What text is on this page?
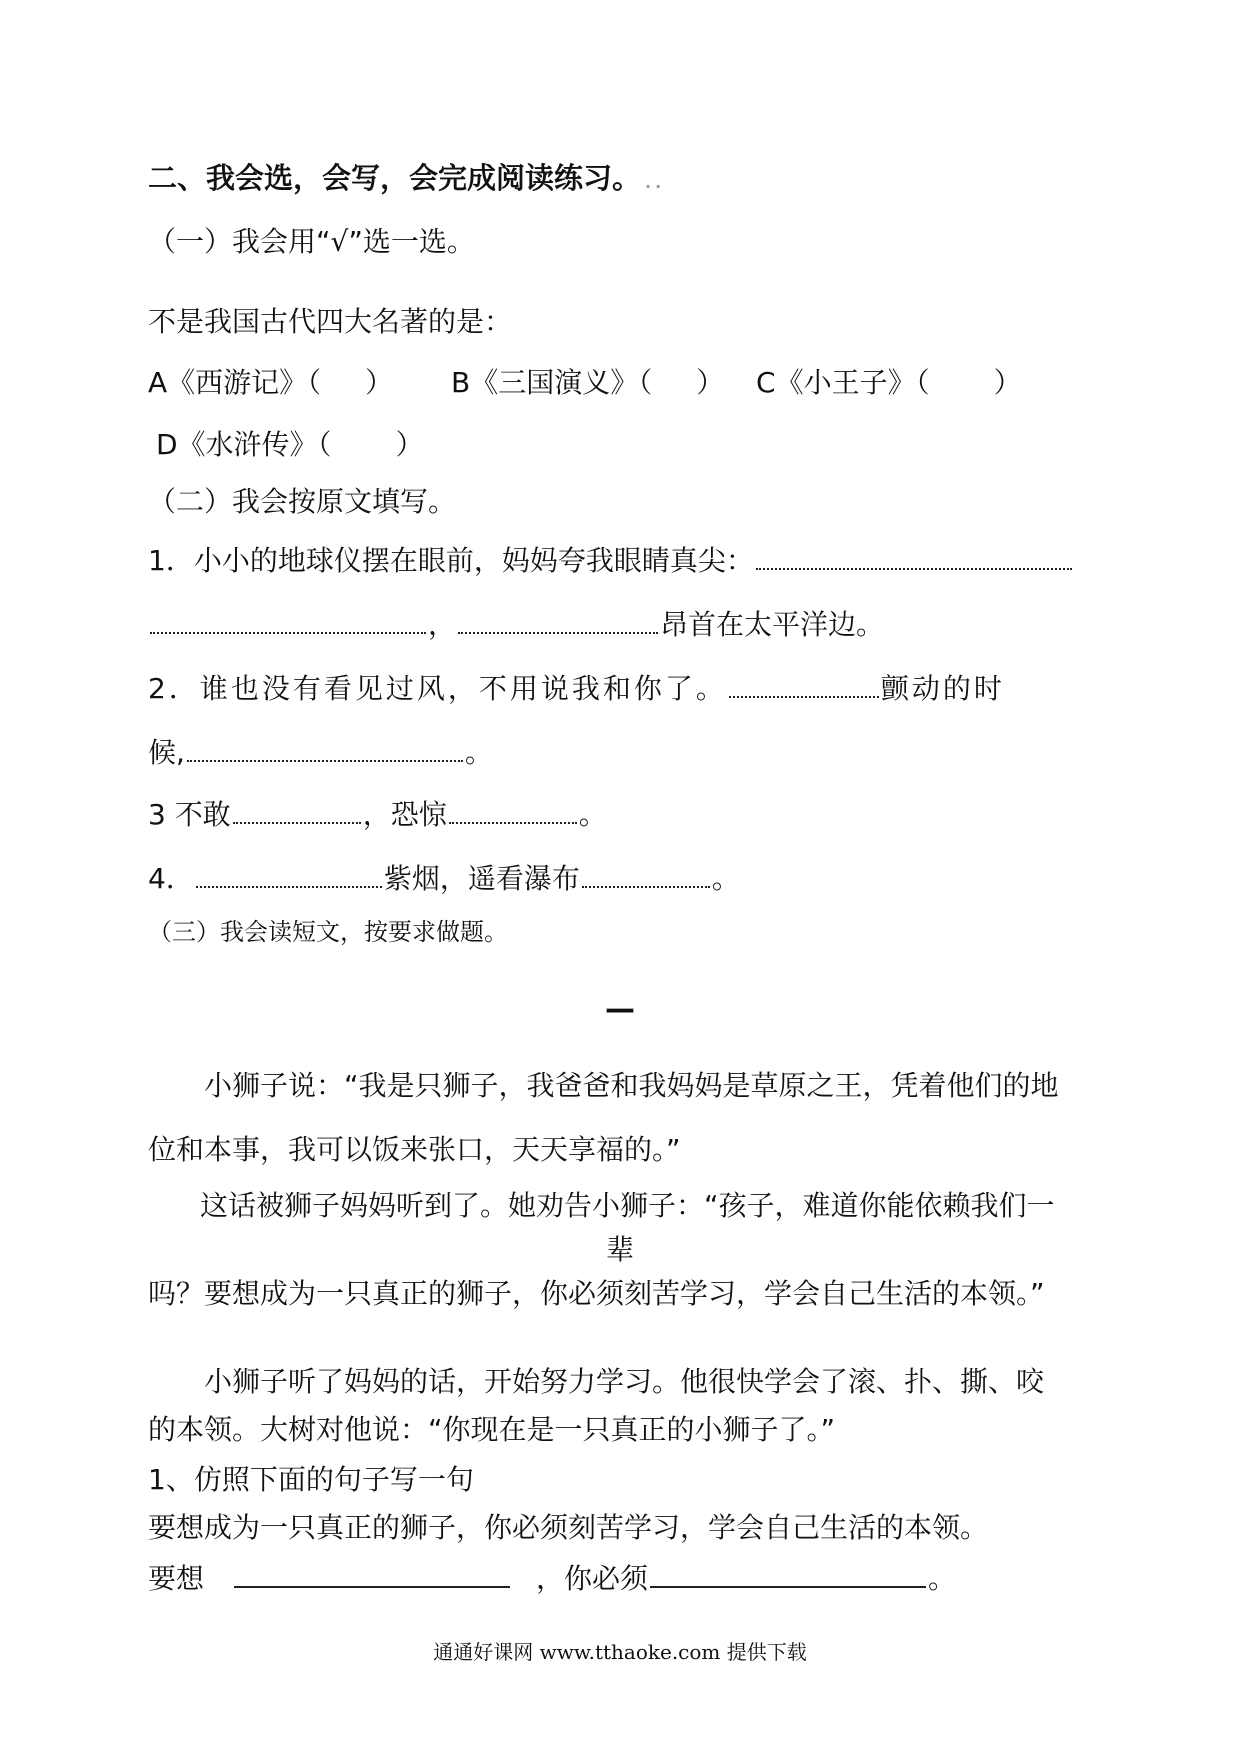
二、我会选，会写，会完成阅读练习。 ..
（一）我会用“√”选一选。
不是我国古代四大名著的是：
A《西游记》（ ） B《三国演义》（ ） C《小王子》（ ）
D《水浒传》（ ）
（二）我会按原文填写。
1．小小的地球仪摆在眼前，妈妈夸我眼睛真尖：
，	昂首在太平洋边。
2．谁也没有看见过风，不用说我和你了。	颤动的时
候,	。
3 不敢	，恐惊	。
4．	紫烟，遥看瀑布	。
（三）我会读短文，按要求做题。
—
小狮子说：“我是只狮子，我爸爸和我妈妈是草原之王，凭着他们的地
位和本事，我可以饭来张口，天天享福的。”
这话被狮子妈妈听到了。她劝告小狮子：“孩子，难道你能依赖我们一
辈
吗？要想成为一只真正的狮子，你必须刻苦学习，学会自己生活的本领。”
小狮子听了妈妈的话，开始努力学习。他很快学会了滚、扑、撕、咬
的本领。大树对他说：“你现在是一只真正的小狮子了。”
1、仿照下面的句子写一句
要想成为一只真正的狮子，你必须刻苦学习，学会自己生活的本领。
要想	，你必须	。
通通好课网 www.tthaoke.com 提供下载
